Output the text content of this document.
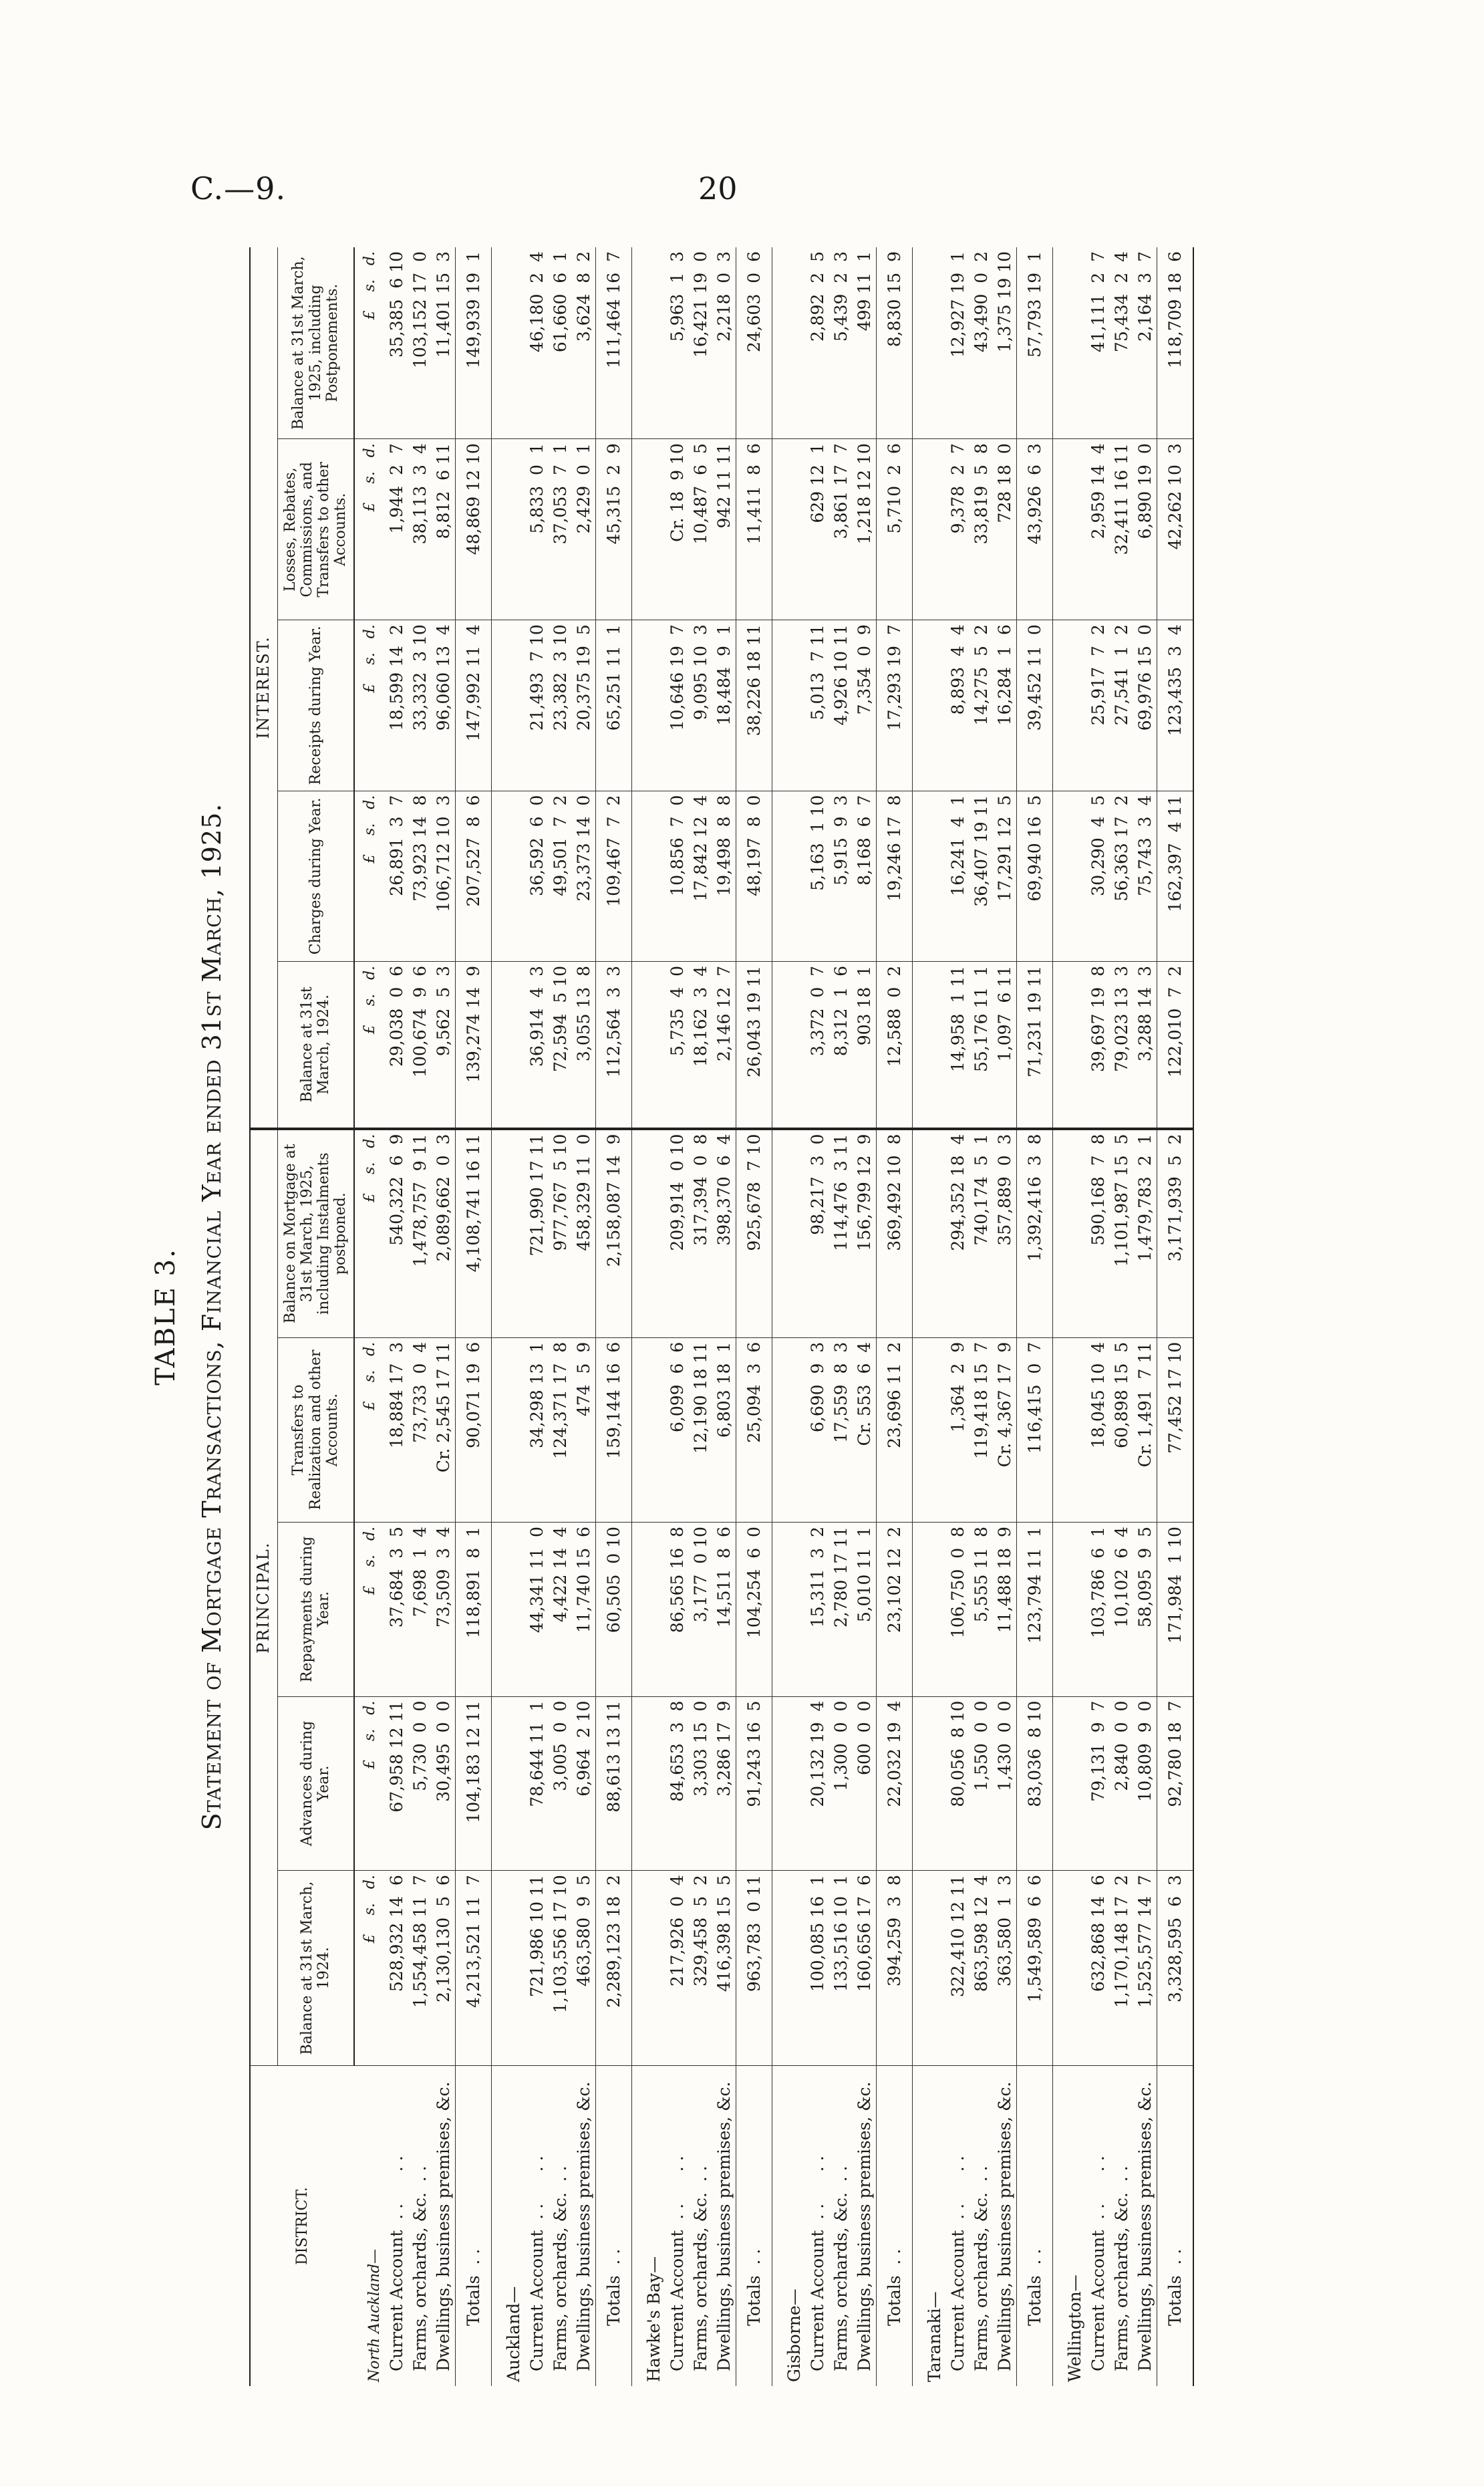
C.—9.	20
TABLE 3. Statement of Mortgage Transactions, Financial Year ended 31st March, 1925.
DISTRICT.	PRINCIPAL.					INTEREST.				
	Balance at 31st March, 1924.	Advances during Year.	Repayments during Year.	Transfers to Realization and other Accounts.	Balance on Mortgage at 31st March, 1925, including Instalments postponed.	Balance at 31st March, 1924.	Charges during Year.	Receipts during Year.	Losses, Rebates, Commissions, and Transfers to other Accounts.	Balance at 31st March, 1925, including Postponements.
North Auckland—	£    s.   d.	£    s.   d.	£    s.   d.	£    s.   d.	£    s.   d.	£    s.   d.	£    s.   d.	£    s.   d.	£    s.   d.	£    s.   d.
Current Account  . .      . .	528,932 14  6	67,958 12 11	37,684  3  5	18,884 17  3	540,322  6  9	29,038  0  6	26,891  3  7	18,599 14  2	1,944  2  7	35,385  6 10
Farms, orchards, &c.  . .	1,554,458 11  7	5,730  0  0	7,698  1  4	73,733  0  4	1,478,757  9 11	100,674  9  6	73,923 14  8	33,332  3 10	38,113  3  4	103,152 17  0
Dwellings, business premises, &c.	2,130,130  5  6	30,495  0  0	73,509  3  4	Cr. 2,545 17 11	2,089,662  0  3	9,562  5  3	106,712 10  3	96,060 13  4	8,812  6 11	11,401 15  3
Totals  . .	4,213,521 11  7	104,183 12 11	118,891  8  1	90,071 19  6	4,108,741 16 11	139,274 14  9	207,527  8  6	147,992 11  4	48,869 12 10	149,939 19  1
Auckland—										
Current Account  . .      . .	721,986 10 11	78,644 11  1	44,341 11  0	34,298 13  1	721,990 17 11	36,914  4  3	36,592  6  0	21,493  7 10	5,833  0  1	46,180  2  4
Farms, orchards, &c.  . .	1,103,556 17 10	3,005  0  0	4,422 14  4	124,371 17  8	977,767  5 10	72,594  5 10	49,501  7  2	23,382  3 10	37,053  7  1	61,660  6  1
Dwellings, business premises, &c.	463,580  9  5	6,964  2 10	11,740 15  6	474  5  9	458,329 11  0	3,055 13  8	23,373 14  0	20,375 19  5	2,429  0  1	3,624  8  2
Totals  . .	2,289,123 18  2	88,613 13 11	60,505  0 10	159,144 16  6	2,158,087 14  9	112,564  3  3	109,467  7  2	65,251 11  1	45,315  2  9	111,464 16  7
Hawke's Bay—										
Current Account  . .      . .	217,926  0  4	84,653  3  8	86,565 16  8	6,099  6  6	209,914  0 10	5,735  4  0	10,856  7  0	10,646 19  7	Cr. 18  9 10	5,963  1  3
Farms, orchards, &c.  . .	329,458  5  2	3,303 15  0	3,177  0 10	12,190 18 11	317,394  0  8	18,162  3  4	17,842 12  4	9,095 10  3	10,487  6  5	16,421 19  0
Dwellings, business premises, &c.	416,398 15  5	3,286 17  9	14,511  8  6	6,803 18  1	398,370  6  4	2,146 12  7	19,498  8  8	18,484  9  1	942 11 11	2,218  0  3
Totals  . .	963,783  0 11	91,243 16  5	104,254  6  0	25,094  3  6	925,678  7 10	26,043 19 11	48,197  8  0	38,226 18 11	11,411  8  6	24,603  0  6
Gisborne—										
Current Account  . .      . .	100,085 16  1	20,132 19  4	15,311  3  2	6,690  9  3	98,217  3  0	3,372  0  7	5,163  1 10	5,013  7 11	629 12  1	2,892  2  5
Farms, orchards, &c.  . .	133,516 10  1	1,300  0  0	2,780 17 11	17,559  8  3	114,476  3 11	8,312  1  6	5,915  9  3	4,926 10 11	3,861 17  7	5,439  2  3
Dwellings, business premises, &c.	160,656 17  6	600  0  0	5,010 11  1	Cr. 553  6  4	156,799 12  9	903 18  1	8,168  6  7	7,354  0  9	1,218 12 10	499 11  1
Totals  . .	394,259  3  8	22,032 19  4	23,102 12  2	23,696 11  2	369,492 10  8	12,588  0  2	19,246 17  8	17,293 19  7	5,710  2  6	8,830 15  9
Taranaki—										
Current Account  . .      . .	322,410 12 11	80,056  8 10	106,750  0  8	1,364  2  9	294,352 18  4	14,958  1 11	16,241  4  1	8,893  4  4	9,378  2  7	12,927 19  1
Farms, orchards, &c.  . .	863,598 12  4	1,550  0  0	5,555 11  8	119,418 15  7	740,174  5  1	55,176 11  1	36,407 19 11	14,275  5  2	33,819  5  8	43,490  0  2
Dwellings, business premises, &c.	363,580  1  3	1,430  0  0	11,488 18  9	Cr. 4,367 17  9	357,889  0  3	1,097  6 11	17,291 12  5	16,284  1  6	728 18  0	1,375 19 10
Totals  . .	1,549,589  6  6	83,036  8 10	123,794 11  1	116,415  0  7	1,392,416  3  8	71,231 19 11	69,940 16  5	39,452 11  0	43,926  6  3	57,793 19  1
Wellington—										
Current Account  . .      . .	632,868 14  6	79,131  9  7	103,786  6  1	18,045 10  4	590,168  7  8	39,697 19  8	30,290  4  5	25,917  7  2	2,959 14  4	41,111  2  7
Farms, orchards, &c.  . .	1,170,148 17  2	2,840  0  0	10,102  6  4	60,898 15  5	1,101,987 15  5	79,023 13  3	56,363 17  2	27,541  1  2	32,411 16 11	75,434  2  4
Dwellings, business premises, &c.	1,525,577 14  7	10,809  9  0	58,095  9  5	Cr. 1,491  7 11	1,479,783  2  1	3,288 14  3	75,743  3  4	69,976 15  0	6,890 19  0	2,164  3  7
Totals  . .	3,328,595  6  3	92,780 18  7	171,984  1 10	77,452 17 10	3,171,939  5  2	122,010  7  2	162,397  4 11	123,435  3  4	42,262 10  3	118,709 18  6
